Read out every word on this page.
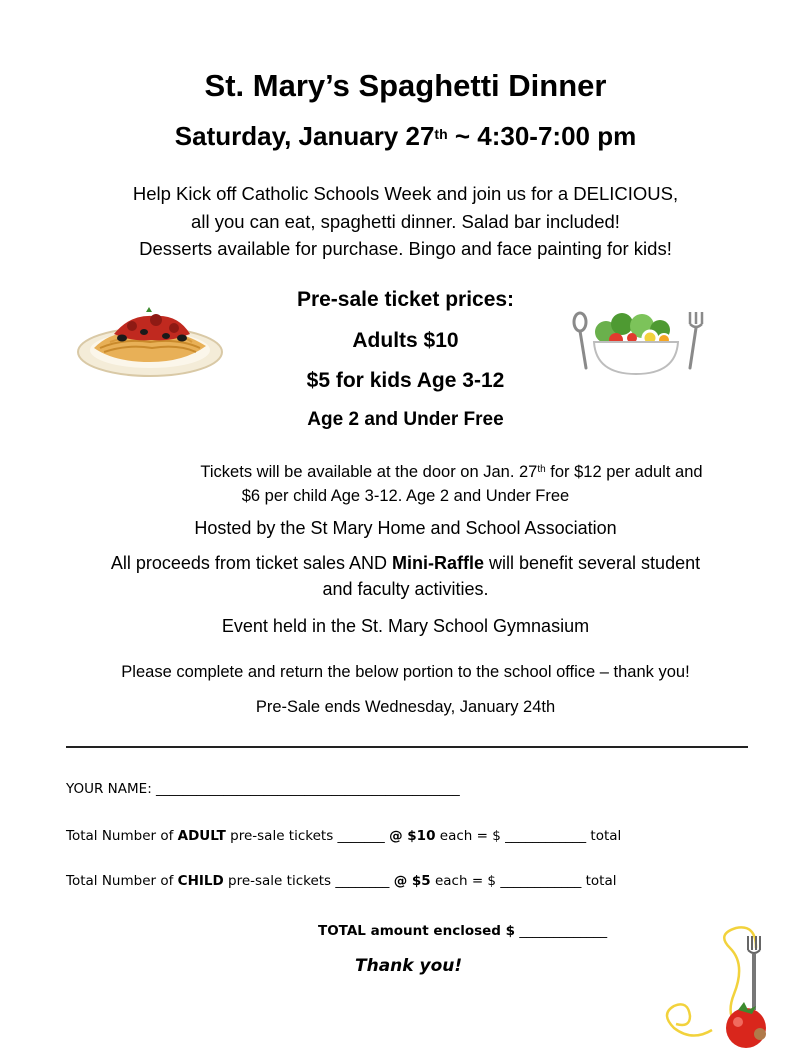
St. Mary’s Spaghetti Dinner
Saturday, January 27th ~ 4:30-7:00 pm
Help Kick off Catholic Schools Week and join us for a DELICIOUS,
all you can eat, spaghetti dinner. Salad bar included!
Desserts available for purchase. Bingo and face painting for kids!
Pre-sale ticket prices:
Adults $10
$5 for kids Age 3-12
Age 2 and Under Free
Tickets will be available at the door on Jan. 27th for $12 per adult and
$6 per child Age 3-12. Age 2 and Under Free
Hosted by the St Mary Home and School Association
All proceeds from ticket sales AND Mini-Raffle will benefit several student
and faculty activities.
Event held in the St. Mary School Gymnasium
Please complete and return the below portion to the school office – thank you!
Pre-Sale ends Wednesday, January 24th
YOUR NAME: _____________________________________________
Total Number of ADULT pre-sale tickets _______ @ $10 each = $ ____________ total
Total Number of CHILD pre-sale tickets ________ @ $5 each = $ ____________ total
TOTAL amount enclosed $ _____________
Thank you!
